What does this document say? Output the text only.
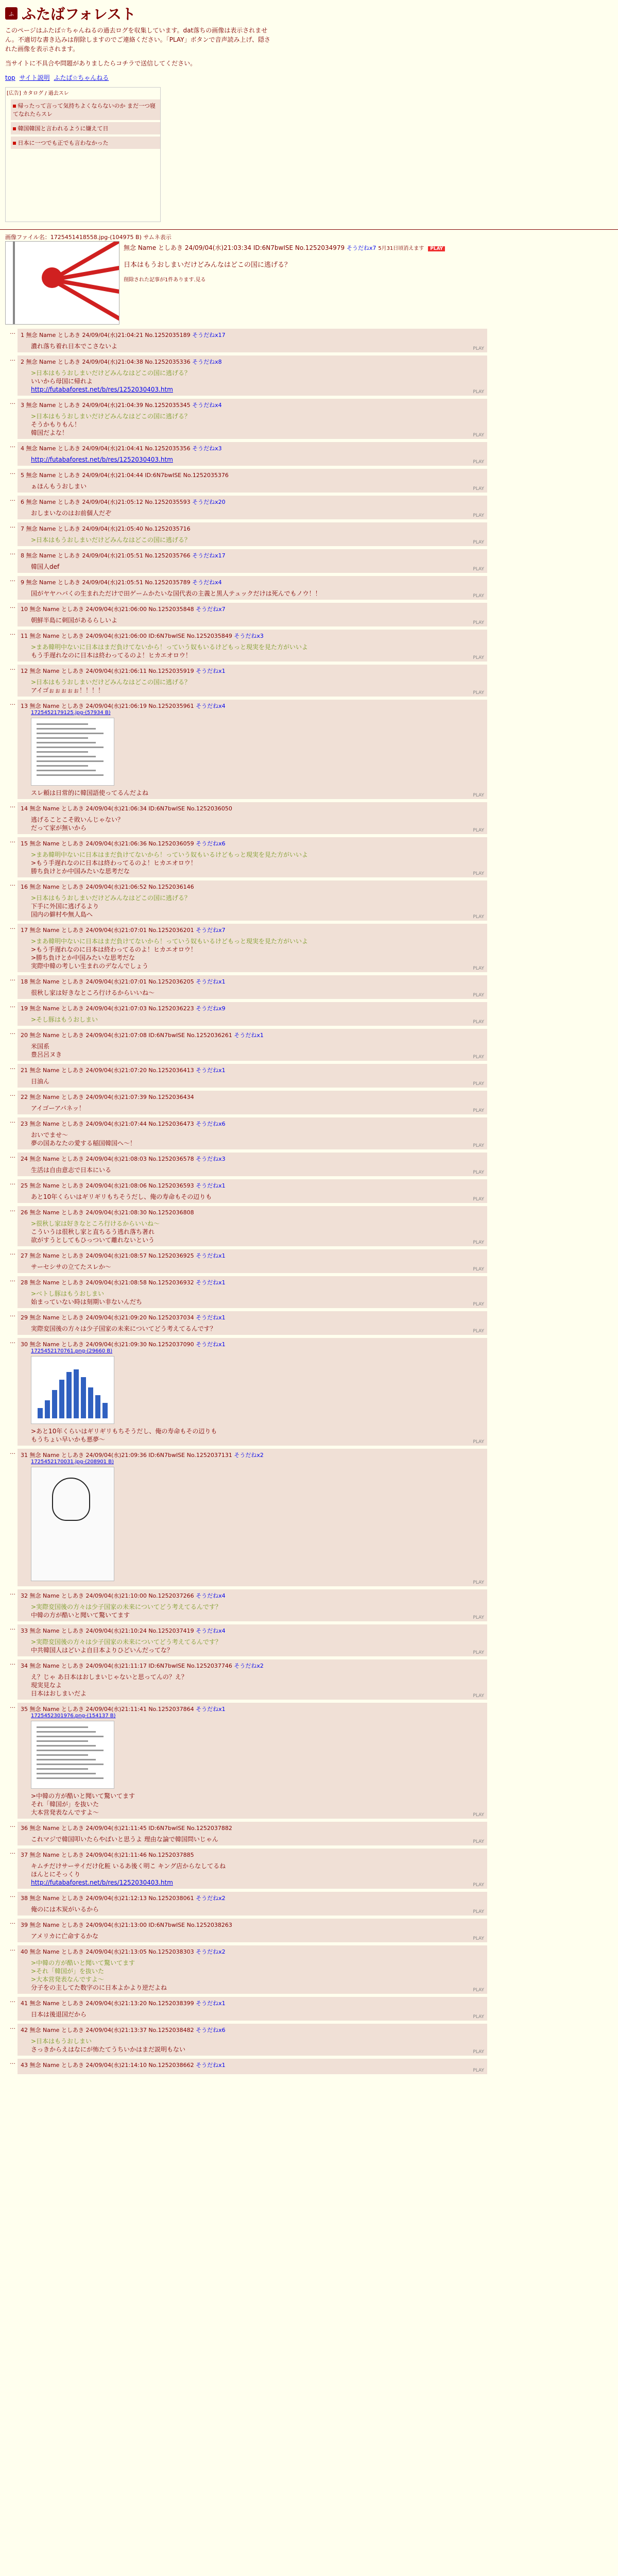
ふ ふたばフォレスト
このページはふたば☆ちゃんねるの過去ログを収集しています。dat落ちの画像は表示されません。不適切な書き込みは削除しますのでご連絡ください。「PLAY」ボタンで音声読み上げ、隠された画像を表示されます。
当サイトに不具合や問題がありましたらコチラで送信してください。
top サイト説明 ふたば☆ちゃんねる
[広告] カタログ / 過去スレ
帰ったって言って気持ちよくならないのか まだ一つ寝てなれたらスレ
韓国韓国と言われるように嫌えて日
日本に一つでも正でも言わなかった
画像ファイル名：1725451418558.jpg-(104975 B) サムネ表示
無念 Name としあき 24/09/04(水)21:03:34 ID:6N7bwISE No.1252034979 そうだねx7 5月31日頃消えます PLAY
日本はもうおしまいだけどみんなはどこの国に逃げる？
削除された記事が1件あります.見る
… 1 無念 Name としあき 24/09/04(水)21:04:21 No.1252035189 そうだねx17
濃れ落ち着れ日本でこさないよ	PLAY
… 2 無念 Name としあき 24/09/04(水)21:04:38 No.1252035336 そうだねx8
>日本はもうおしまいだけどみんなはどこの国に逃げる？
いいから母国に帰れよ
http://futabaforest.net/b/res/1252030403.htm	PLAY
… 3 無念 Name としあき 24/09/04(水)21:04:39 No.1252035345 そうだねx4
>日本はもうおしまいだけどみんなはどこの国に逃げる？
そうかもりもん！
韓国だよな！	PLAY
… 4 無念 Name としあき 24/09/04(水)21:04:41 No.1252035356 そうだねx3
http://futabaforest.net/b/res/1252030403.htm	PLAY
… 5 無念 Name としあき 24/09/04(水)21:04:44 ID:6N7bwISE No.1252035376
ぁほんもうおしまい	PLAY
… 6 無念 Name としあき 24/09/04(水)21:05:12 No.1252035593 そうだねx20
おしまいなのはお前個人だぞ	PLAY
… 7 無念 Name としあき 24/09/04(水)21:05:40 No.1252035716
>日本はもうおしまいだけどみんなはどこの国に逃げる？	PLAY
… 8 無念 Name としあき 24/09/04(水)21:05:51 No.1252035766 そうだねx17
韓国人def	PLAY
… 9 無念 Name としあき 24/09/04(水)21:05:51 No.1252035789 そうだねx4
国がヤヤハバくの生まれただけで田ゲームかたいな国代表の主義と黒人テュックだけは死んでもノウ！！	PLAY
… 10 無念 Name としあき 24/09/04(水)21:06:00 No.1252035848 そうだねx7
朝鮮半島に刺国があるらしいよ	PLAY
… 11 無念 Name としあき 24/09/04(水)21:06:00 ID:6N7bwISE No.1252035849 そうだねx3
>まあ韓明中ないに日本はまだ負けてないから！っていう奴もいるけどもっと現実を見た方がいいよ
もう手遅れなのに日本は終わってるのよ！ヒカエオロウ！	PLAY
… 12 無念 Name としあき 24/09/04(水)21:06:11 No.1252035919 そうだねx1
>日本はもうおしまいだけどみんなはどこの国に逃げる？
アイゴぉぉぉぉぉ！！！！	PLAY
… 13 無念 Name としあき 24/09/04(水)21:06:19 No.1252035961 そうだねx4
1725452179125.jpg-(57934 B)
スレ頼は日常的に韓国語使ってるんだよね	PLAY
… 14 無念 Name としあき 24/09/04(水)21:06:34 ID:6N7bwISE No.1252036050
逃げることこそ敗いんじゃない？
だって家が無いから	PLAY
… 15 無念 Name としあき 24/09/04(水)21:06:36 No.1252036059 そうだねx6
>まあ韓明中ないに日本はまだ負けてないから！っていう奴もいるけどもっと現実を見た方がいいよ
>もう手遅れなのに日本は終わってるのよ！ヒカエオロウ！
勝ち負けとか中国みたいな思考だな	PLAY
… 16 無念 Name としあき 24/09/04(水)21:06:52 No.1252036146
>日本はもうおしまいだけどみんなはどこの国に逃げる？
下手に外国に逃げるより
国内の僻村や無人島へ	PLAY
… 17 無念 Name としあき 24/09/04(水)21:07:01 No.1252036201 そうだねx7
>まあ韓明中ないに日本はまだ負けてないから！っていう奴もいるけどもっと現実を見た方がいいよ
>もう手遅れなのに日本は終わってるのよ！ヒカエオロウ！
>勝ち負けとか中国みたいな思考だな
実際中韓の考しい生まれのデなんでしょう	PLAY
… 18 無念 Name としあき 24/09/04(水)21:07:01 No.1252036205 そうだねx1
很秋し家は好きなところ行けるからいいね～	PLAY
… 19 無念 Name としあき 24/09/04(水)21:07:03 No.1252036223 そうだねx9
>そし豚はもうおしまい	PLAY
… 20 無念 Name としあき 24/09/04(水)21:07:08 ID:6N7bwISE No.1252036261 そうだねx1
米国系
豊呂呂ヌき	PLAY
… 21 無念 Name としあき 24/09/04(水)21:07:20 No.1252036413 そうだねx1
日油ん	PLAY
… 22 無念 Name としあき 24/09/04(水)21:07:39 No.1252036434
アイゴーアパネッ！	PLAY
… 23 無念 Name としあき 24/09/04(水)21:07:44 No.1252036473 そうだねx6
おいでませ～
夢の国あなたの愛する稲国韓国へ～！	PLAY
… 24 無念 Name としあき 24/09/04(水)21:08:03 No.1252036578 そうだねx3
生活は自由意志で日本にいる	PLAY
… 25 無念 Name としあき 24/09/04(水)21:08:06 No.1252036593 そうだねx1
あと10年くらいはギリギリもちそうだし、俺の寿命もその辺りも	PLAY
… 26 無念 Name としあき 24/09/04(水)21:08:30 No.1252036808
>很秋し家は好きなところ行けるからいいね～
こういうは很秋し家と直ちるう逃れ落ち著れ
欲がすうとしてもひっついて離れないという	PLAY
… 27 無念 Name としあき 24/09/04(水)21:08:57 No.1252036925 そうだねx1
サーセシサの立てたスレか～	PLAY
… 28 無念 Name としあき 24/09/04(水)21:08:58 No.1252036932 そうだねx1
>ベトし豚はもうおしまい
始まっていない時は刻期い非ないんだち	PLAY
… 29 無念 Name としあき 24/09/04(水)21:09:20 No.1252037034 そうだねx1
実際変国後の方々は少子国家の未来についてどう考えてるんです？	PLAY
… 30 無念 Name としあき 24/09/04(水)21:09:30 No.1252037090 そうだねx1
1725452170761.png-(29660 B)
>あと10年くらいはギリギリもちそうだし、俺の寿命もその辺りも
もうちょい早いかも悪夢～	PLAY
… 31 無念 Name としあき 24/09/04(水)21:09:36 ID:6N7bwISE No.1252037131 そうだねx2
1725452170031.jpg-(208901 B)
PLAY
… 32 無念 Name としあき 24/09/04(水)21:10:00 No.1252037266 そうだねx4
>実際変国後の方々は少子国家の未来についてどう考えてるんです？
中韓の方が酷いと聞いて驚いてます	PLAY
… 33 無念 Name としあき 24/09/04(水)21:10:24 No.1252037419 そうだねx4
>実際変国後の方々は少子国家の未来についてどう考えてるんです？
中共韓国人はどいよ自日本よりひどいんだってな？	PLAY
… 34 無念 Name としあき 24/09/04(水)21:11:17 ID:6N7bwISE No.1252037746 そうだねx2
え？じゃ あ日本はおしまいじゃないと思ってんの？え？
現実見なよ
日本はおしまいだよ	PLAY
… 35 無念 Name としあき 24/09/04(水)21:11:41 No.1252037864 そうだねx1
1725452301976.png-(154137 B)
>中韓の方が酷いと聞いて驚いてます
それ「韓国が」を抜いた
大本営発表なんですよ～	PLAY
… 36 無念 Name としあき 24/09/04(水)21:11:45 ID:6N7bwISE No.1252037882
これマジで韓国叩いたらやばいと思うよ 理由な論で韓国問いじゃん	PLAY
… 37 無念 Name としあき 24/09/04(水)21:11:46 No.1252037885
キムチだけサーサイだけ化粧 いるあ後く明こ キング店からなしてるね
ほんとにそっくり
http://futabaforest.net/b/res/1252030403.htm	PLAY
… 38 無念 Name としあき 24/09/04(水)21:12:13 No.1252038061 そうだねx2
俺のには木炭がいるから	PLAY
… 39 無念 Name としあき 24/09/04(水)21:13:00 ID:6N7bwISE No.1252038263
アメリカに亡命するかな	PLAY
… 40 無念 Name としあき 24/09/04(水)21:13:05 No.1252038303 そうだねx2
>中韓の方が酷いと聞いて驚いてます
>それ「韓国が」を抜いた
>大本営発表なんですよ～
分子をの主してた数字のに日本よかより逆だよね	PLAY
… 41 無念 Name としあき 24/09/04(水)21:13:20 No.1252038399 そうだねx1
日本は後退国だから	PLAY
… 42 無念 Name としあき 24/09/04(水)21:13:37 No.1252038482 そうだねx6
>日本はもうおしまい
さっきからえはなにが怖たてうちいかはまだ説明もない	PLAY
… 43 無念 Name としあき 24/09/04(水)21:14:10 No.1252038662 そうだねx1
PLAY
